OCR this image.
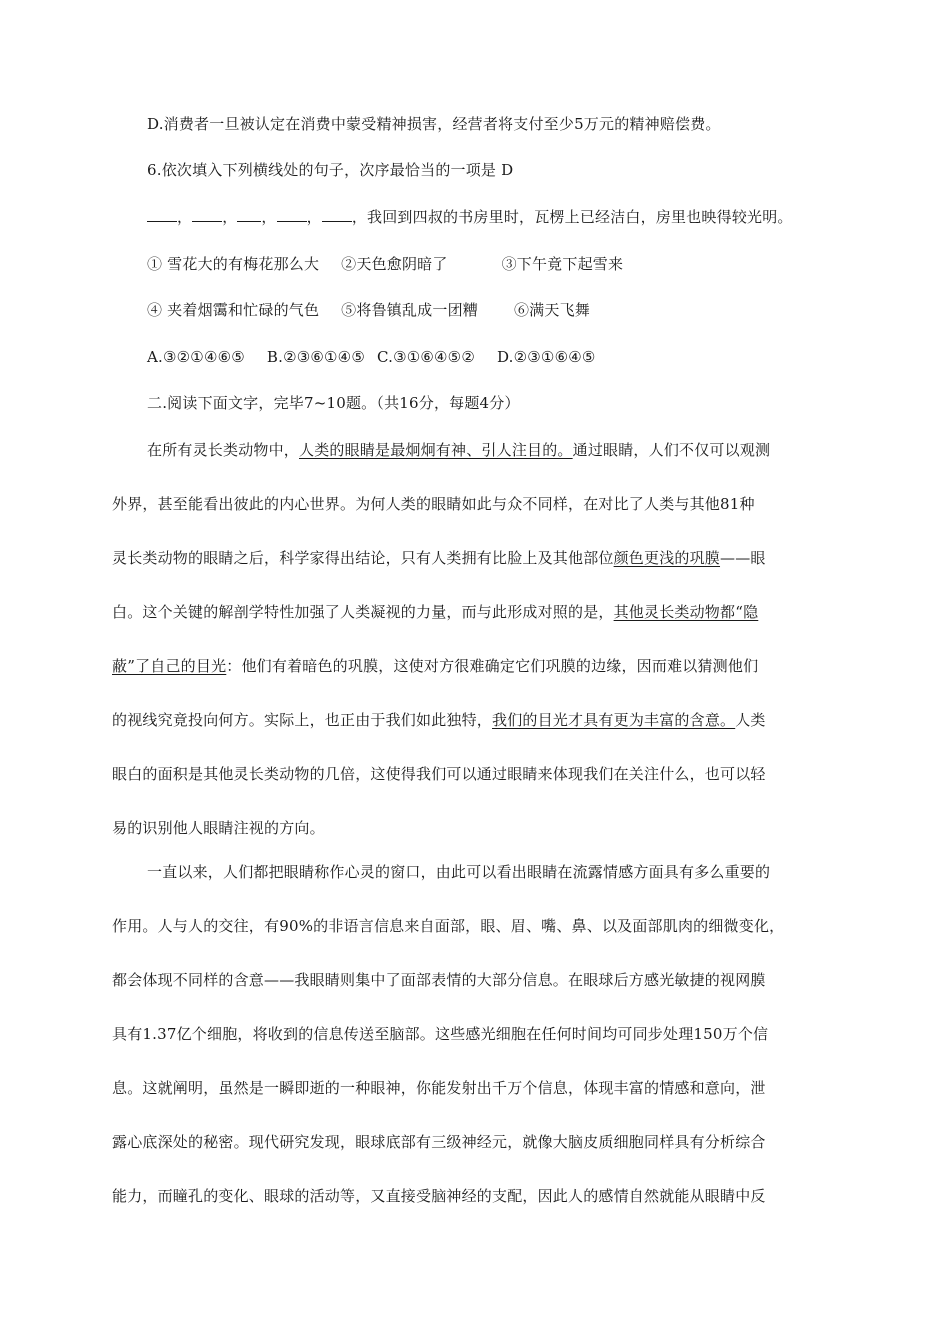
D.消费者一旦被认定在消费中蒙受精神损害，经营者将支付至少5万元的精神赔偿费。
6.依次填入下列横线处的句子，次序最恰当的一项是 D
， ， ， ， ，我回到四叔的书房里时，瓦楞上已经洁白，房里也映得较光明。
① 雪花大的有梅花那么大 ②天色愈阴暗了	③下午竟下起雪来
④ 夹着烟霭和忙碌的气色 ⑤将鲁镇乱成一团糟 ⑥满天飞舞
A.③②①④⑥⑤ B.②③⑥①④⑤ C.③①⑥④⑤② D.②③①⑥④⑤
二.阅读下面文字，完毕7~10题。（共16分，每题4分）
在所有灵长类动物中，人类的眼睛是最炯炯有神、引人注目的。通过眼睛，人们不仅可以观测
外界，甚至能看出彼此的内心世界。为何人类的眼睛如此与众不同样，在对比了人类与其他81种
灵长类动物的眼睛之后，科学家得出结论，只有人类拥有比脸上及其他部位颜色更浅的巩膜——眼
白。这个关键的解剖学特性加强了人类凝视的力量，而与此形成对照的是，其他灵长类动物都“隐
蔽”了自己的目光：他们有着暗色的巩膜，这使对方很难确定它们巩膜的边缘，因而难以猜测他们
的视线究竟投向何方。实际上，也正由于我们如此独特，我们的目光才具有更为丰富的含意。人类
眼白的面积是其他灵长类动物的几倍，这使得我们可以通过眼睛来体现我们在关注什么，也可以轻
易的识别他人眼睛注视的方向。
一直以来，人们都把眼睛称作心灵的窗口，由此可以看出眼睛在流露情感方面具有多么重要的
作用。人与人的交往，有90%的非语言信息来自面部，眼、眉、嘴、鼻、以及面部肌肉的细微变化，
都会体现不同样的含意——我眼睛则集中了面部表情的大部分信息。在眼球后方感光敏捷的视网膜
具有1.37亿个细胞，将收到的信息传送至脑部。这些感光细胞在任何时间均可同步处理150万个信
息。这就阐明，虽然是一瞬即逝的一种眼神，你能发射出千万个信息，体现丰富的情感和意向，泄
露心底深处的秘密。现代研究发现，眼球底部有三级神经元，就像大脑皮质细胞同样具有分析综合
能力，而瞳孔的变化、眼球的活动等，又直接受脑神经的支配，因此人的感情自然就能从眼睛中反
